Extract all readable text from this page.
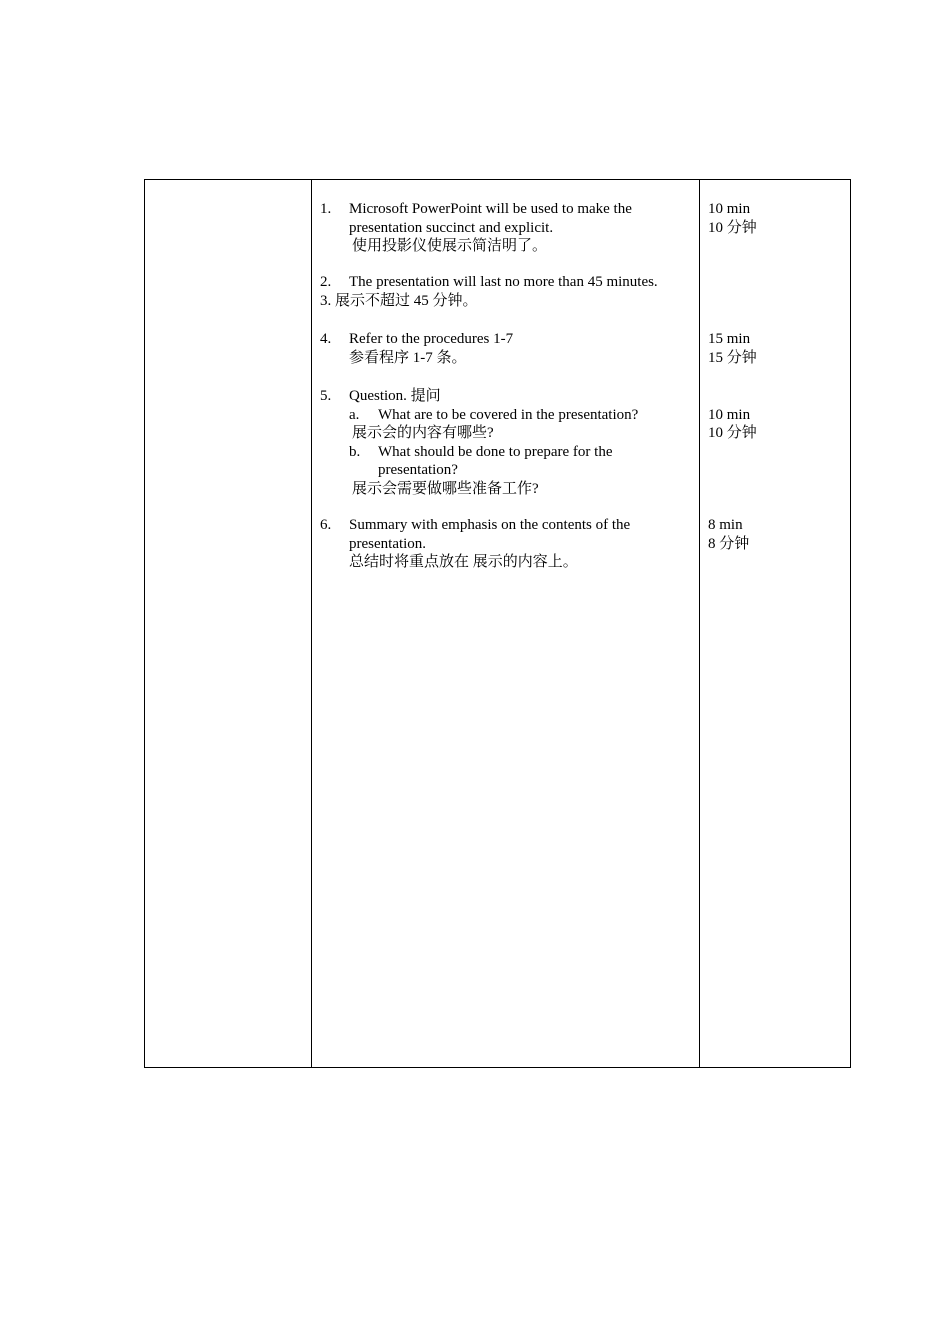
1. Microsoft PowerPoint will be used to make the
presentation succinct and explicit.
使用投影仪使展示简洁明了。
2. The presentation will last no more than 45 minutes.
3. 展示不超过 45 分钟。
4. Refer to the procedures 1-7
参看程序 1-7 条。
5. Question. 提问
a. What are to be covered in the presentation?
展示会的内容有哪些?
b. What should be done to prepare for the
presentation?
展示会需要做哪些准备工作?
6. Summary with emphasis on the contents of the
presentation.
总结时将重点放在 展示的内容上。
10 min
10 分钟
15 min
15 分钟
10 min
10 分钟
8 min
8 分钟
